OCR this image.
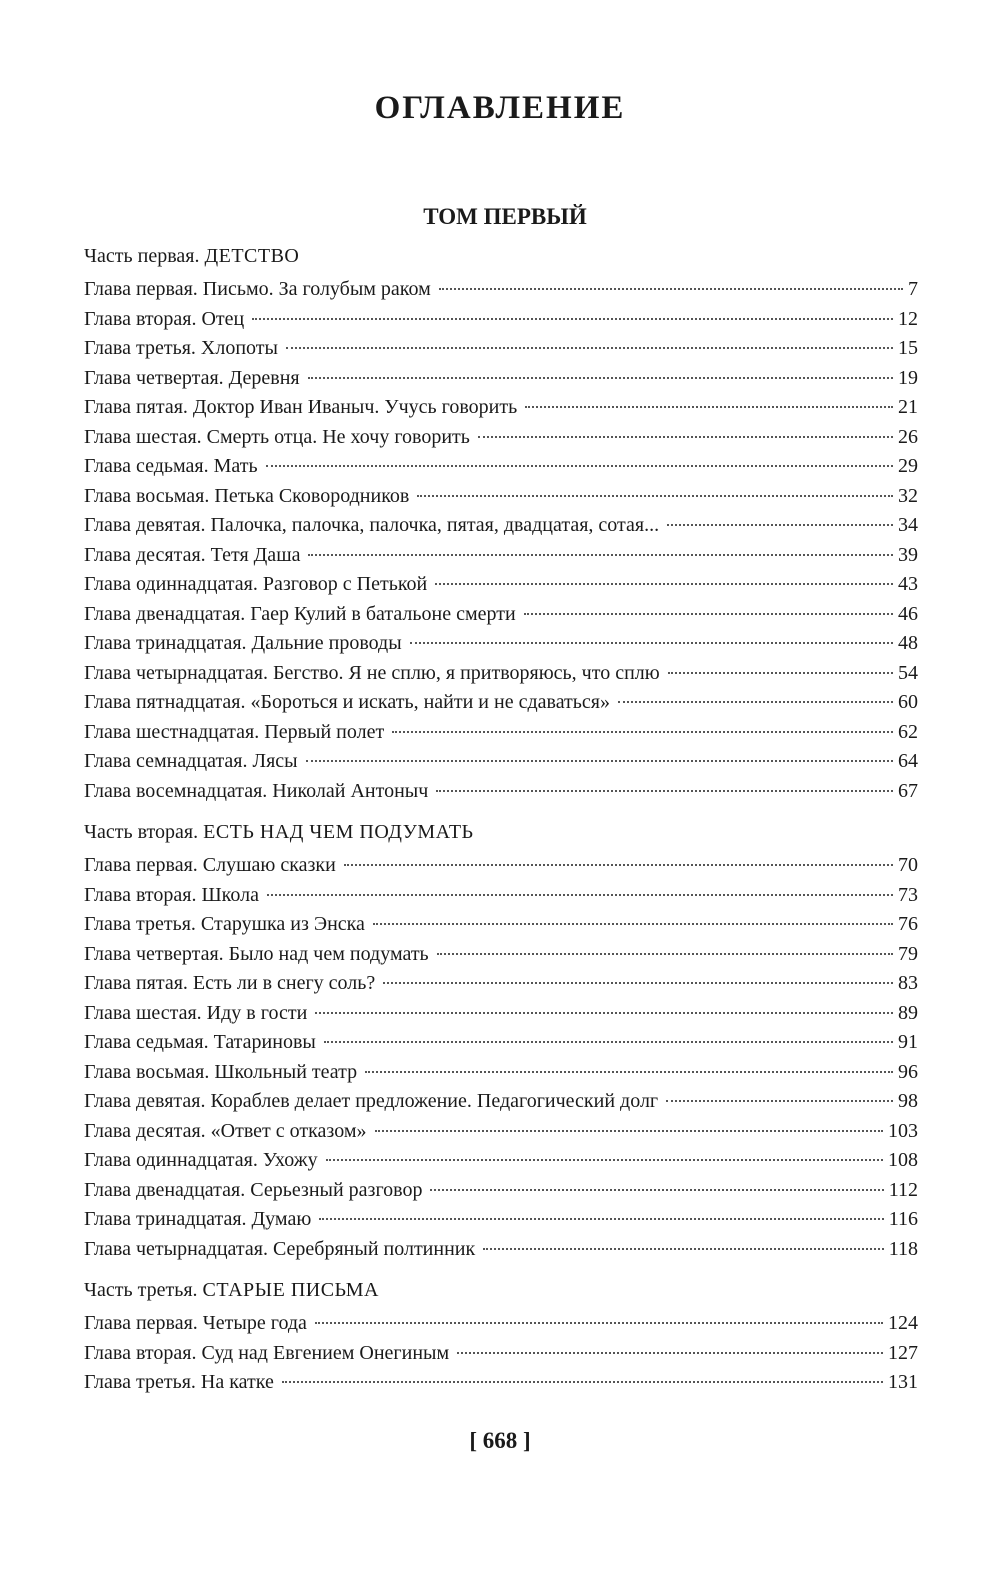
ОГЛАВЛЕНИЕ
ТОМ ПЕРВЫЙ
Часть первая. ДЕТСТВО
Глава первая. Письмо. За голубым раком	7
Глава вторая. Отец	12
Глава третья. Хлопоты	15
Глава четвертая. Деревня	19
Глава пятая. Доктор Иван Иваныч. Учусь говорить	21
Глава шестая. Смерть отца. Не хочу говорить	26
Глава седьмая. Мать	29
Глава восьмая. Петька Сковородников	32
Глава девятая. Палочка, палочка, палочка, пятая, двадцатая, сотая...	34
Глава десятая. Тетя Даша	39
Глава одиннадцатая. Разговор с Петькой	43
Глава двенадцатая. Гаер Кулий в батальоне смерти	46
Глава тринадцатая. Дальние проводы	48
Глава четырнадцатая. Бегство. Я не сплю, я притворяюсь, что сплю	54
Глава пятнадцатая. «Бороться и искать, найти и не сдаваться»	60
Глава шестнадцатая. Первый полет	62
Глава семнадцатая. Лясы	64
Глава восемнадцатая. Николай Антоныч	67
Часть вторая. ЕСТЬ НАД ЧЕМ ПОДУМАТЬ
Глава первая. Слушаю сказки	70
Глава вторая. Школа	73
Глава третья. Старушка из Энска	76
Глава четвертая. Было над чем подумать	79
Глава пятая. Есть ли в снегу соль?	83
Глава шестая. Иду в гости	89
Глава седьмая. Татариновы	91
Глава восьмая. Школьный театр	96
Глава девятая. Кораблев делает предложение. Педагогический долг	98
Глава десятая. «Ответ с отказом»	103
Глава одиннадцатая. Ухожу	108
Глава двенадцатая. Серьезный разговор	112
Глава тринадцатая. Думаю	116
Глава четырнадцатая. Серебряный полтинник	118
Часть третья. СТАРЫЕ ПИСЬМА
Глава первая. Четыре года	124
Глава вторая. Суд над Евгением Онегиным	127
Глава третья. На катке	131
[ 668 ]
